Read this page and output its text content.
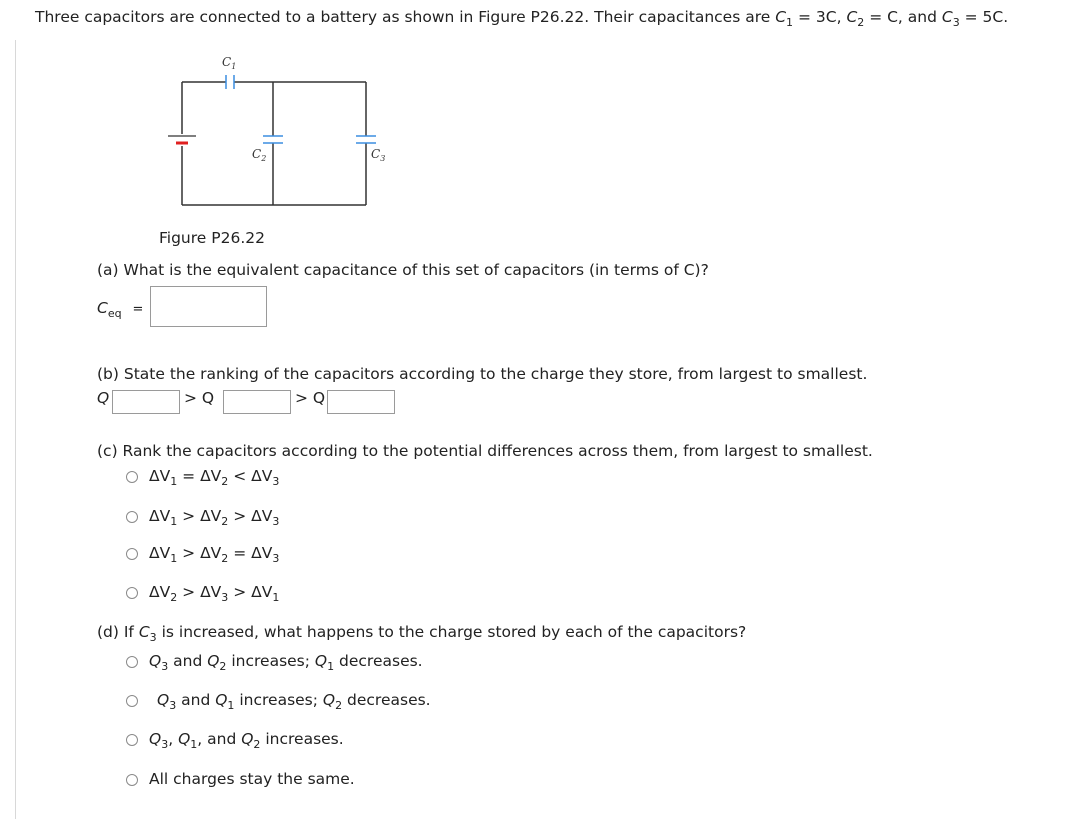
Three capacitors are connected to a battery as shown in Figure P26.22. Their capacitances are $C_1 = 3C$, $C_2 = C$, and $C_3 = 5C$.
$C_1$
$C_2$	$C_3$
Figure P26.22
(a) What is the equivalent capacitance of this set of capacitors (in terms of C)?
$C_{eq}$ =
(b) State the ranking of the capacitors according to the charge they store, from largest to smallest.
Q	> Q	> Q
(c) Rank the capacitors according to the potential differences across them, from largest to smallest.
$\Delta V_1 = \Delta V_2 < \Delta V_3$
$\Delta V_1 > \Delta V_2 > \Delta V_3$
$\Delta V_1 > \Delta V_2 = \Delta V_3$
$\Delta V_2 > \Delta V_3 > \Delta V_1$
(d) If $C_3$ is increased, what happens to the charge stored by each of the capacitors?
$Q_3$ and $Q_2$ increases; $Q_1$ decreases.
$Q_3$ and $Q_1$ increases; $Q_2$ decreases.
$Q_3$, $Q_1$, and $Q_2$ increases.
All charges stay the same.
